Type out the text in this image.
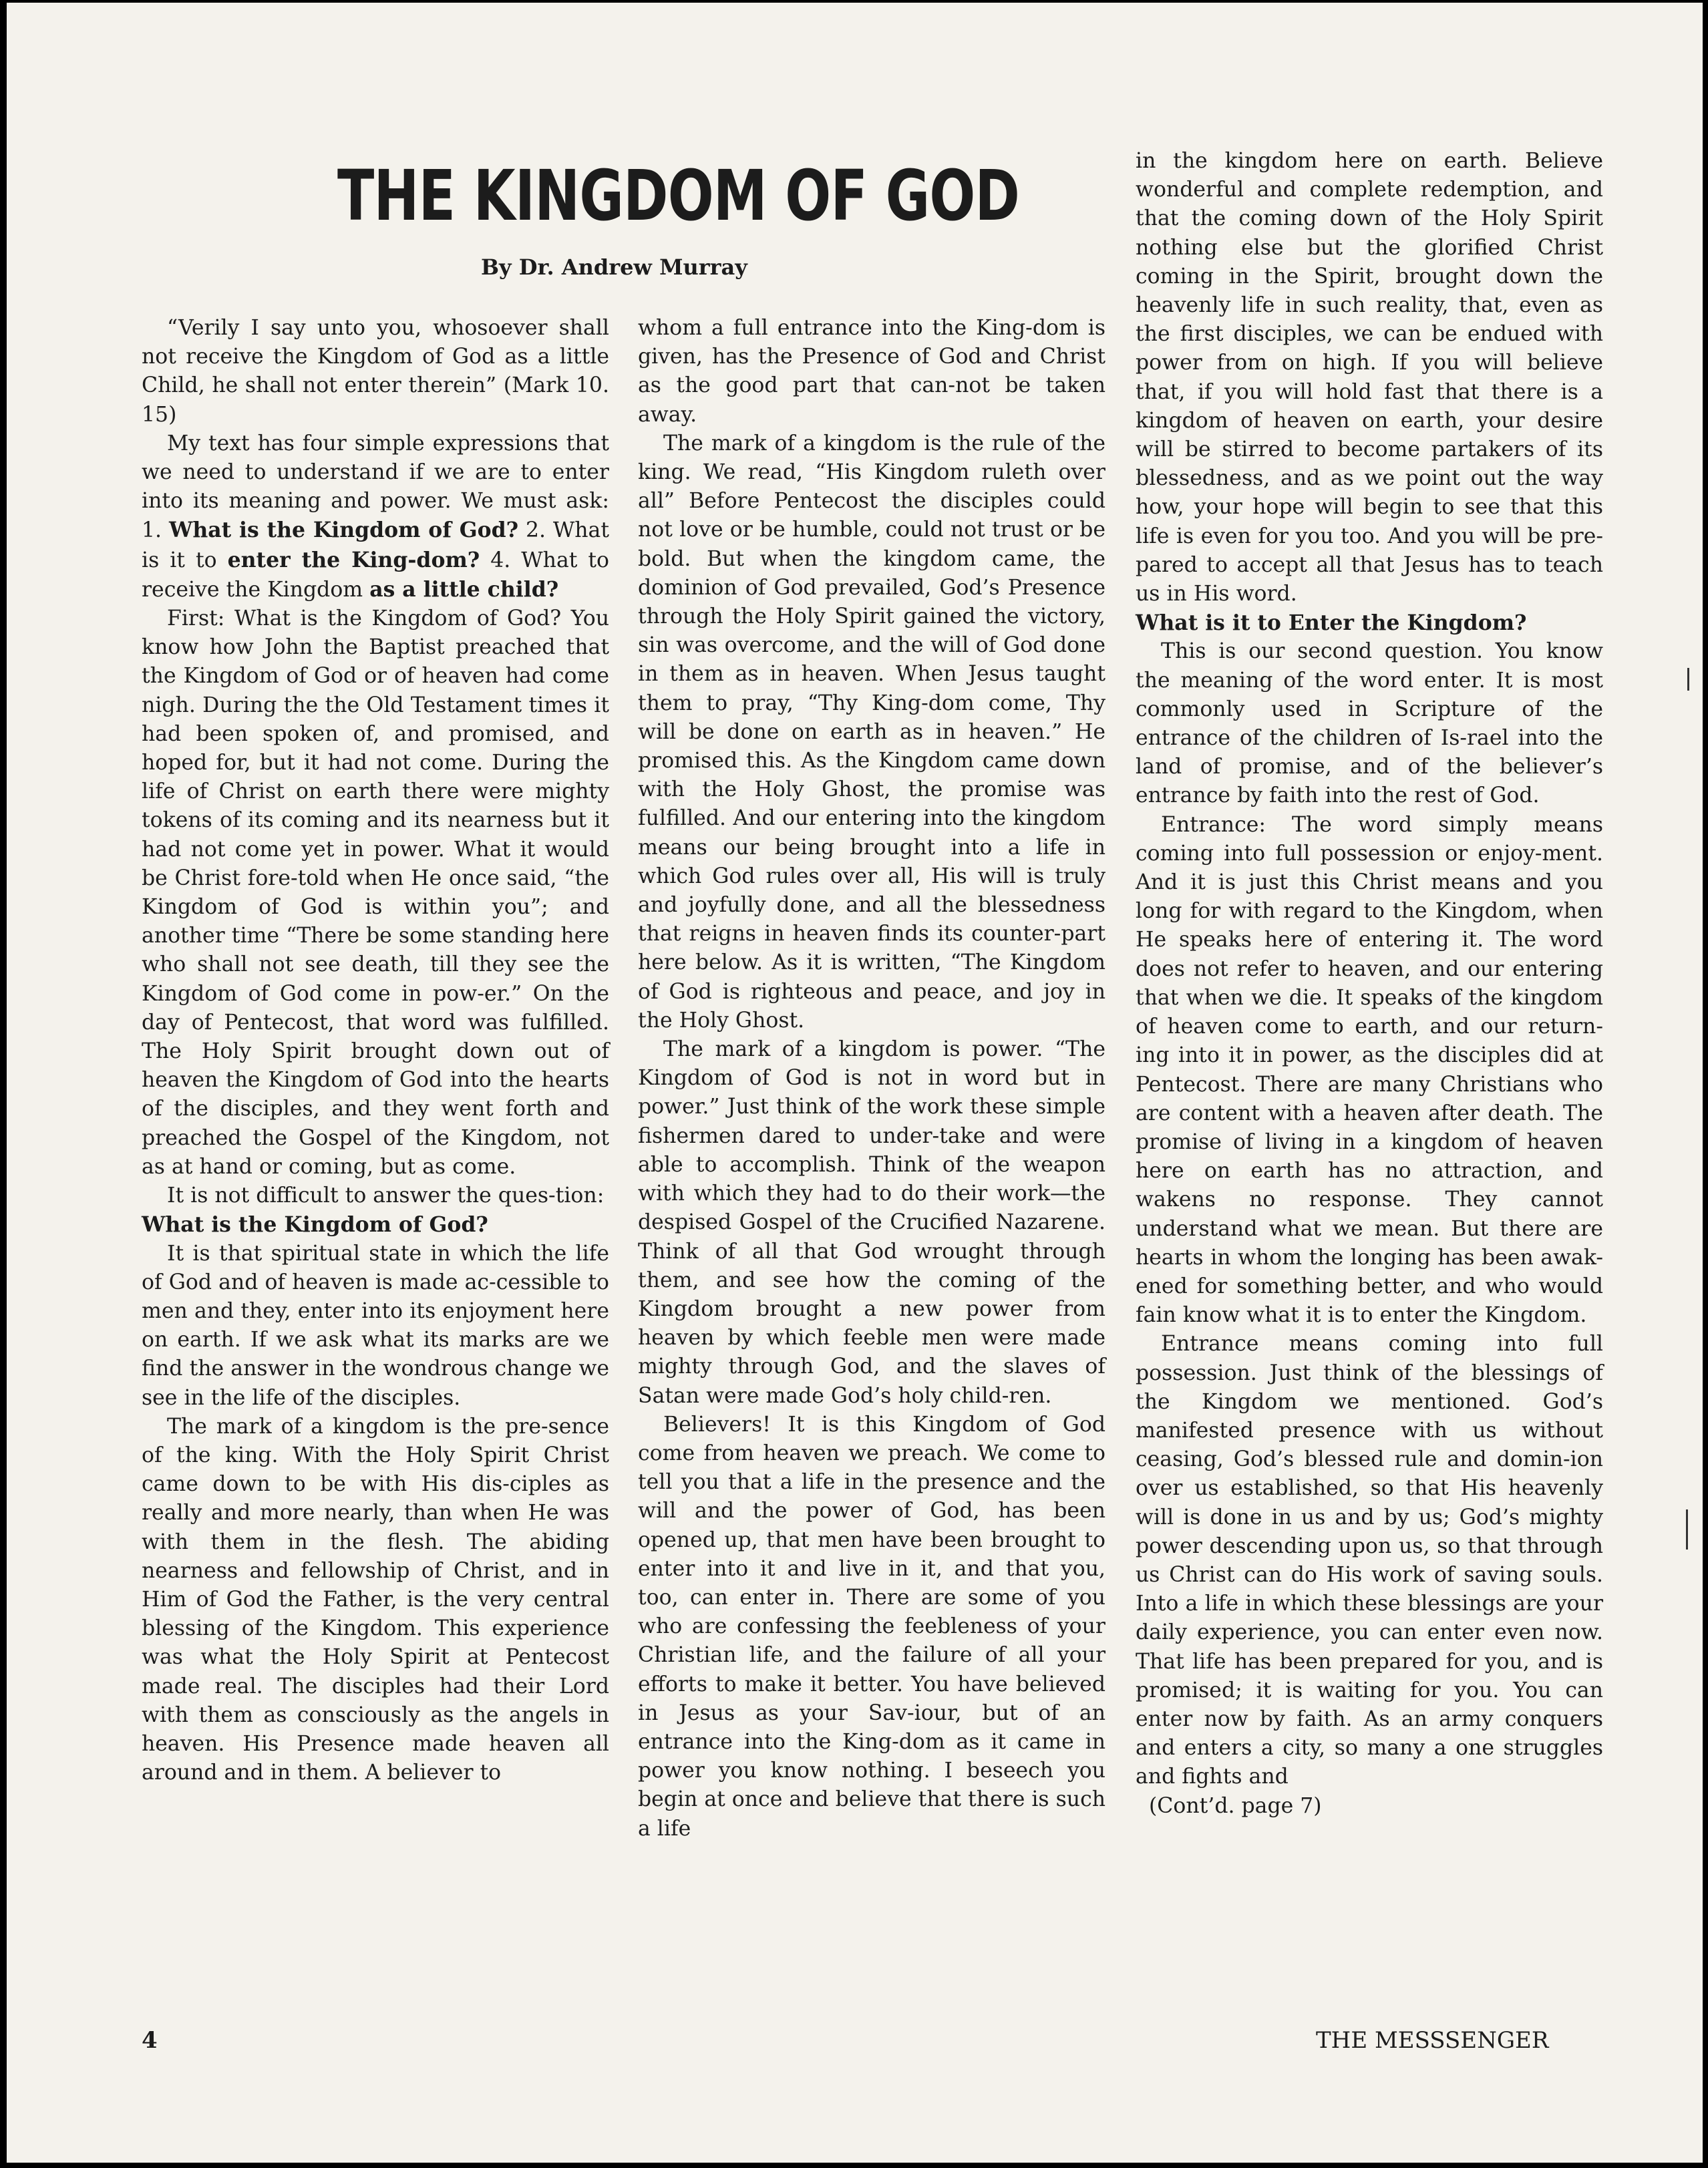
THE KINGDOM OF GOD
By Dr. Andrew Murray

“Verily I say unto you, whosoever shall not receive the Kingdom of God as a little Child, he shall not enter therein” (Mark 10. 15)

My text has four simple expressions that we need to understand if we are to enter into its meaning and power. We must ask: 1. What is the Kingdom of God? 2. What is it to enter the King-dom? 4. What to receive the Kingdom as a little child?

First: What is the Kingdom of God? You know how John the Baptist preached that the Kingdom of God or of heaven had come nigh. During the the Old Testament times it had been spoken of, and promised, and hoped for, but it had not come. During the life of Christ on earth there were mighty tokens of its coming and its nearness but it had not come yet in power. What it would be Christ fore-told when He once said, “the Kingdom of God is within you”; and another time “There be some standing here who shall not see death, till they see the Kingdom of God come in pow-er.” On the day of Pentecost, that word was fulfilled. The Holy Spirit brought down out of heaven the Kingdom of God into the hearts of the disciples, and they went forth and preached the Gospel of the Kingdom, not as at hand or coming, but as come.

It is not difficult to answer the ques-tion:

What is the Kingdom of God?

It is that spiritual state in which the life of God and of heaven is made ac-cessible to men and they, enter into its enjoyment here on earth. If we ask what its marks are we find the answer in the wondrous change we see in the life of the disciples.

The mark of a kingdom is the pre-sence of the king. With the Holy Spirit Christ came down to be with His dis-ciples as really and more nearly, than when He was with them in the flesh. The abiding nearness and fellowship of Christ, and in Him of God the Father, is the very central blessing of the Kingdom. This experience was what the Holy Spirit at Pentecost made real. The disciples had their Lord with them as consciously as the angels in heaven. His Presence made heaven all around and in them. A believer to

whom a full entrance into the King-dom is given, has the Presence of God and Christ as the good part that can-not be taken away.

The mark of a kingdom is the rule of the king. We read, “His Kingdom ruleth over all” Before Pentecost the disciples could not love or be humble, could not trust or be bold. But when the kingdom came, the dominion of God prevailed, God’s Presence through the Holy Spirit gained the victory, sin was overcome, and the will of God done in them as in heaven. When Jesus taught them to pray, “Thy King-dom come, Thy will be done on earth as in heaven.” He promised this. As the Kingdom came down with the Holy Ghost, the promise was fulfilled. And our entering into the kingdom means our being brought into a life in which God rules over all, His will is truly and joyfully done, and all the blessedness that reigns in heaven finds its counter-part here below. As it is written, “The Kingdom of God is righteous and peace, and joy in the Holy Ghost.

The mark of a kingdom is power. “The Kingdom of God is not in word but in power.” Just think of the work these simple fishermen dared to under-take and were able to accomplish. Think of the weapon with which they had to do their work—the despised Gospel of the Crucified Nazarene. Think of all that God wrought through them, and see how the coming of the Kingdom brought a new power from heaven by which feeble men were made mighty through God, and the slaves of Satan were made God’s holy child-ren.

Believers! It is this Kingdom of God come from heaven we preach. We come to tell you that a life in the presence and the will and the power of God, has been opened up, that men have been brought to enter into it and live in it, and that you, too, can enter in. There are some of you who are confessing the feebleness of your Christian life, and the failure of all your efforts to make it better. You have believed in Jesus as your Sav-iour, but of an entrance into the King-dom as it came in power you know nothing. I beseech you begin at once and believe that there is such a life

in the kingdom here on earth. Believe wonderful and complete redemption, and that the coming down of the Holy Spirit nothing else but the glorified Christ coming in the Spirit, brought down the heavenly life in such reality, that, even as the first disciples, we can be endued with power from on high. If you will believe that, if you will hold fast that there is a kingdom of heaven on earth, your desire will be stirred to become partakers of its blessedness, and as we point out the way how, your hope will begin to see that this life is even for you too. And you will be pre-pared to accept all that Jesus has to teach us in His word.

What is it to Enter the Kingdom?

This is our second question. You know the meaning of the word enter. It is most commonly used in Scripture of the entrance of the children of Is-rael into the land of promise, and of the believer’s entrance by faith into the rest of God.

Entrance: The word simply means coming into full possession or enjoy-ment. And it is just this Christ means and you long for with regard to the Kingdom, when He speaks here of entering it. The word does not refer to heaven, and our entering that when we die. It speaks of the kingdom of heaven come to earth, and our return-ing into it in power, as the disciples did at Pentecost. There are many Christians who are content with a heaven after death. The promise of living in a kingdom of heaven here on earth has no attraction, and wakens no response. They cannot understand what we mean. But there are hearts in whom the longing has been awak-ened for something better, and who would fain know what it is to enter the Kingdom.

Entrance means coming into full possession. Just think of the blessings of the Kingdom we mentioned. God’s manifested presence with us without ceasing, God’s blessed rule and domin-ion over us established, so that His heavenly will is done in us and by us; God’s mighty power descending upon us, so that through us Christ can do His work of saving souls. Into a life in which these blessings are your daily experience, you can enter even now. That life has been prepared for you, and is promised; it is waiting for you. You can enter now by faith. As an army conquers and enters a city, so many a one struggles and fights and

(Cont’d. page 7)

4	THE MESSSENGER
